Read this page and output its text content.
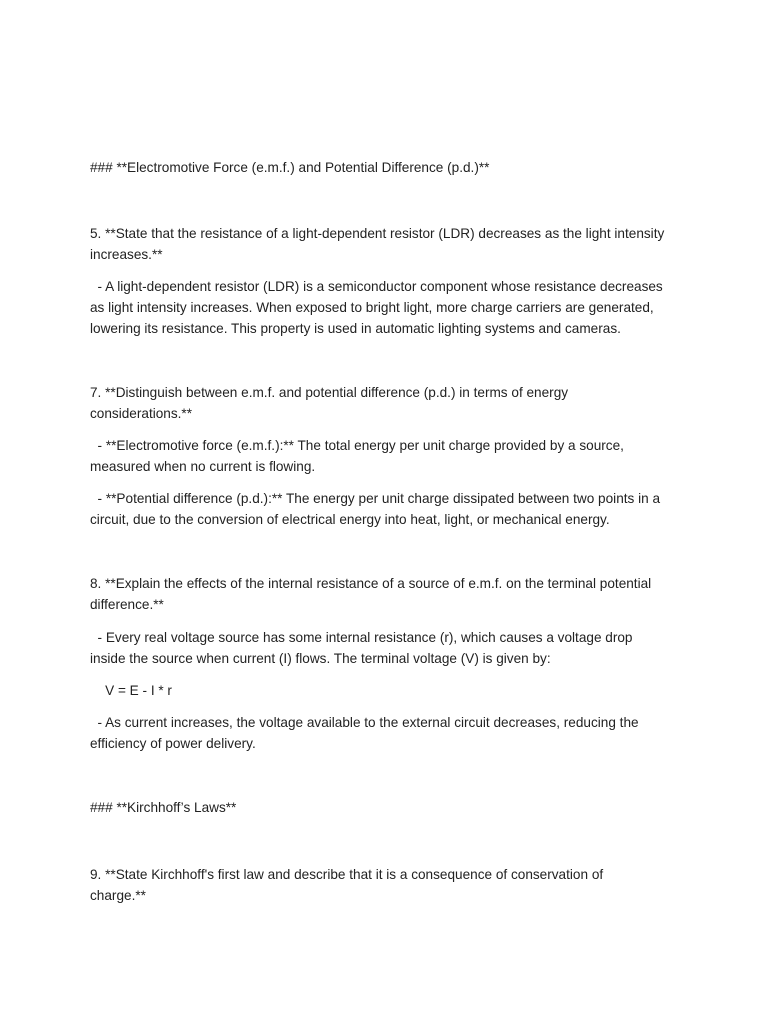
### **Electromotive Force (e.m.f.) and Potential Difference (p.d.)**

5. **State that the resistance of a light-dependent resistor (LDR) decreases as the light intensity

increases.**

- A light-dependent resistor (LDR) is a semiconductor component whose resistance decreases

as light intensity increases. When exposed to bright light, more charge carriers are generated,

lowering its resistance. This property is used in automatic lighting systems and cameras.

7. **Distinguish between e.m.f. and potential difference (p.d.) in terms of energy

considerations.**

- **Electromotive force (e.m.f.):** The total energy per unit charge provided by a source,

measured when no current is flowing.

- **Potential difference (p.d.):** The energy per unit charge dissipated between two points in a

circuit, due to the conversion of electrical energy into heat, light, or mechanical energy.

8. **Explain the effects of the internal resistance of a source of e.m.f. on the terminal potential

difference.**

- Every real voltage source has some internal resistance (r), which causes a voltage drop

inside the source when current (I) flows. The terminal voltage (V) is given by:

V = E - I * r

- As current increases, the voltage available to the external circuit decreases, reducing the

efficiency of power delivery.

### **Kirchhoff’s Laws**

9. **State Kirchhoff's first law and describe that it is a consequence of conservation of

charge.**
